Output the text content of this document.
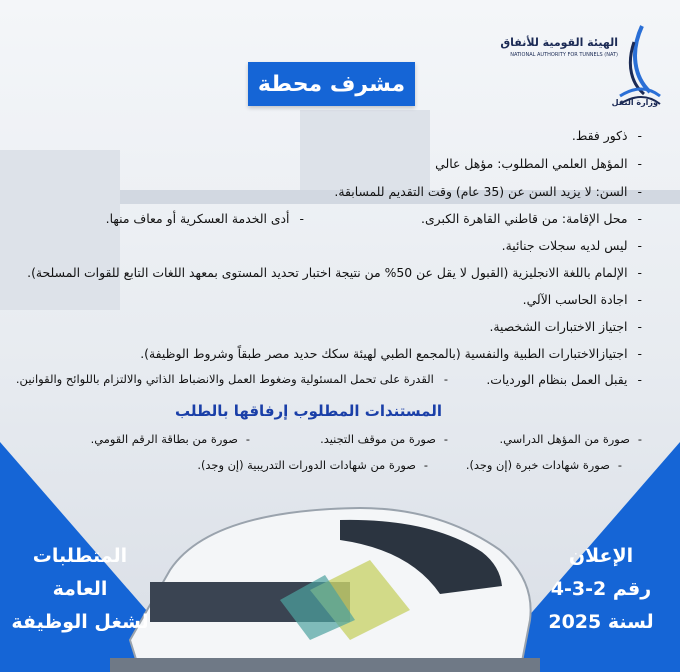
الهيئة القومية للأنفاق
NATIONAL AUTHORITY FOR TUNNELS (NAT)
وزارة النقل
مشرف محطة
-ذكور فقط.
-المؤهل العلمي المطلوب: مؤهل عالي
-السن: لا يزيد السن عن (35 عام) وقت التقديم للمسابقة.
-محل الإقامة: من قاطني القاهرة الكبرى.
-أدى الخدمة العسكرية أو معاف منها.
-ليس لديه سجلات جنائية.
-الإلمام باللغة الانجليزية (القبول لا يقل عن 50% من نتيجة اختبار تحديد المستوى بمعهد اللغات التابع للقوات المسلحة).
-اجادة الحاسب الآلي.
-اجتياز الاختبارات الشخصية.
-اجتيازالاختبارات الطبية والنفسية (بالمجمع الطبي لهيئة سكك حديد مصر طبقاً وشروط الوظيفة).
-يقبل العمل بنظام الورديات.
-القدرة على تحمل المسئولية وضغوط العمل والانضباط الذاتي والالتزام باللوائح والقوانين.
المستندات المطلوب إرفاقها بالطلب
-صورة من المؤهل الدراسي.
-صورة من موقف التجنيد.
-صورة من بطاقة الرقم القومي.
-صورة شهادات خبرة (إن وجد).
-صورة من شهادات الدورات التدريبية (إن وجد).
المتطلبات
العامة
لشغل الوظيفة
الإعلان
رقم 2-3-4
لسنة 2025
